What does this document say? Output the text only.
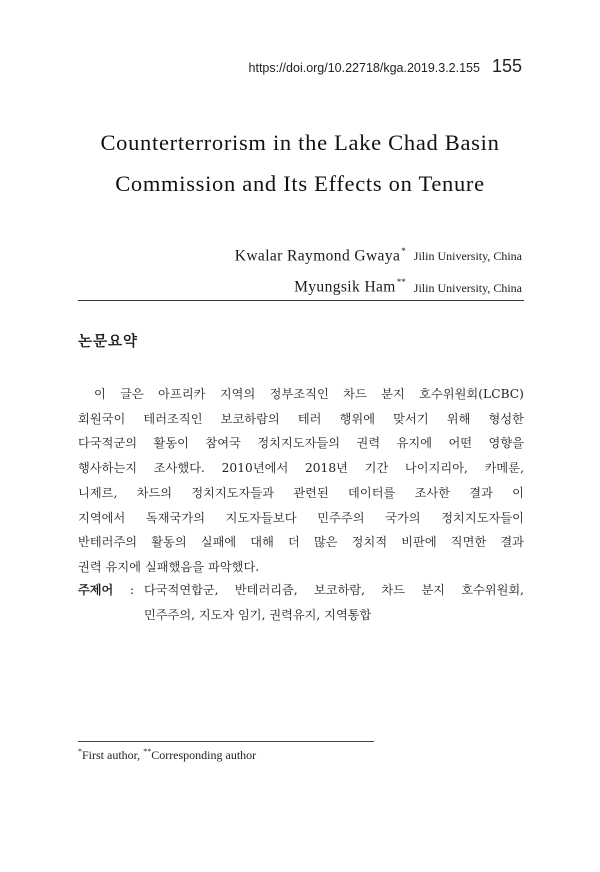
https://doi.org/10.22718/kga.2019.3.2.155 155
Counterterrorism in the Lake Chad Basin
Commission and Its Effects on Tenure
Kwalar Raymond Gwaya* Jilin University, China
Myungsik Ham** Jilin University, China
논문요약
이 글은 아프리카 지역의 정부조직인 차드 분지 호수위원회(LCBC)
회원국이 테러조직인 보코하람의 테러 행위에 맞서기 위해 형성한
다국적군의 활동이 참여국 정치지도자들의 권력 유지에 어떤 영향을
행사하는지 조사했다. 2010년에서 2018년 기간 나이지리아, 카메룬,
니제르, 차드의 정치지도자들과 관련된 데이터를 조사한 결과 이
지역에서 독재국가의 지도자들보다 민주주의 국가의 정치지도자들이
반테러주의 활동의 실패에 대해 더 많은 정치적 비판에 직면한 결과
권력 유지에 실패했음을 파악했다.
주제어	: 다국적연합군, 반테러리즘, 보코하람, 차드 분지 호수위원회,
민주주의, 지도자 임기, 권력유지, 지역통합
*First author, **Corresponding author
